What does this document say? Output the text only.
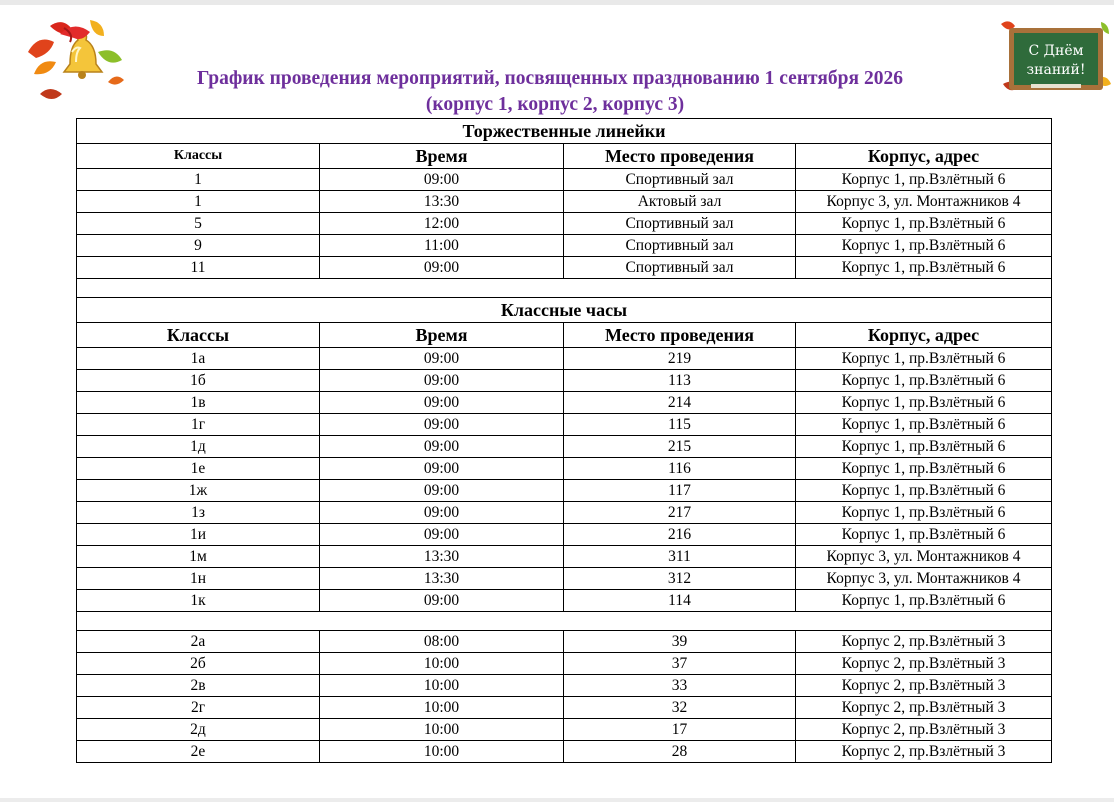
С Днём
знаний!
График проведения мероприятий, посвященных празднованию 1 сентября 2026
(корпус 1, корпус 2, корпус 3)
Торжественные линейки			
Классы	Время	Место проведения	Корпус, адрес
1	09:00	Спортивный зал	Корпус 1, пр.Взлётный 6
1	13:30	Актовый зал	Корпус 3, ул. Монтажников 4
5	12:00	Спортивный зал	Корпус 1, пр.Взлётный 6
9	11:00	Спортивный зал	Корпус 1, пр.Взлётный 6
11	09:00	Спортивный зал	Корпус 1, пр.Взлётный 6

Классные часы			
Классы	Время	Место проведения	Корпус, адрес
1а	09:00	219	Корпус 1, пр.Взлётный 6
1б	09:00	113	Корпус 1, пр.Взлётный 6
1в	09:00	214	Корпус 1, пр.Взлётный 6
1г	09:00	115	Корпус 1, пр.Взлётный 6
1д	09:00	215	Корпус 1, пр.Взлётный 6
1е	09:00	116	Корпус 1, пр.Взлётный 6
1ж	09:00	117	Корпус 1, пр.Взлётный 6
1з	09:00	217	Корпус 1, пр.Взлётный 6
1и	09:00	216	Корпус 1, пр.Взлётный 6
1м	13:30	311	Корпус 3, ул. Монтажников 4
1н	13:30	312	Корпус 3, ул. Монтажников 4
1к	09:00	114	Корпус 1, пр.Взлётный 6

2а	08:00	39	Корпус 2, пр.Взлётный 3
2б	10:00	37	Корпус 2, пр.Взлётный 3
2в	10:00	33	Корпус 2, пр.Взлётный 3
2г	10:00	32	Корпус 2, пр.Взлётный 3
2д	10:00	17	Корпус 2, пр.Взлётный 3
2е	10:00	28	Корпус 2, пр.Взлётный 3
